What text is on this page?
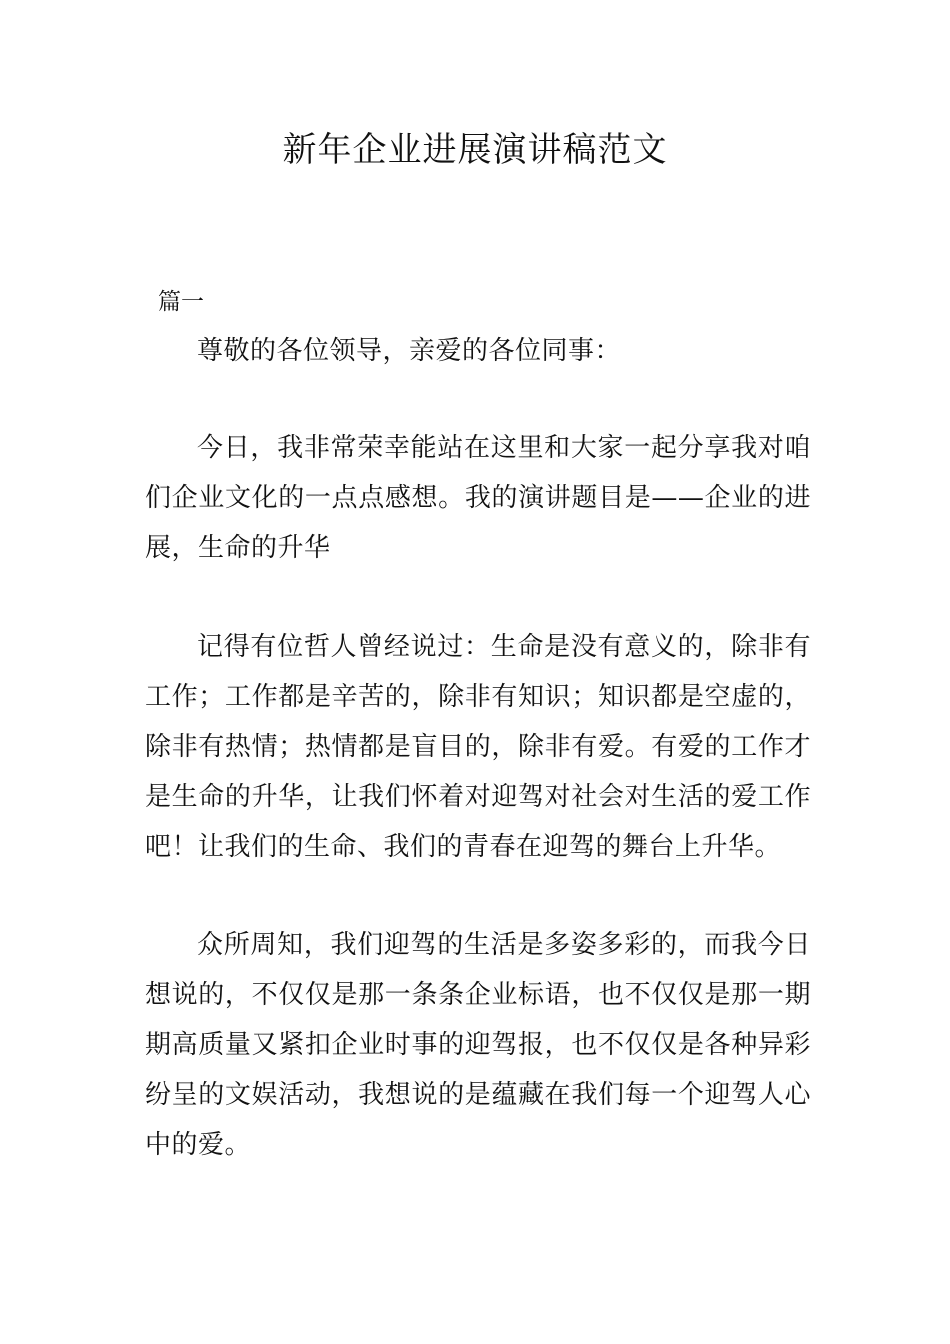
新年企业进展演讲稿范文

篇一

尊敬的各位领导，亲爱的各位同事：

今日，我非常荣幸能站在这里和大家一起分享我对咱们企业文化的一点点感想。我的演讲题目是——企业的进展，生命的升华

记得有位哲人曾经说过：生命是没有意义的，除非有工作；工作都是辛苦的，除非有知识；知识都是空虚的，除非有热情；热情都是盲目的，除非有爱。有爱的工作才是生命的升华，让我们怀着对迎驾对社会对生活的爱工作吧！让我们的生命、我们的青春在迎驾的舞台上升华。

众所周知，我们迎驾的生活是多姿多彩的，而我今日想说的，不仅仅是那一条条企业标语，也不仅仅是那一期期高质量又紧扣企业时事的迎驾报，也不仅仅是各种异彩纷呈的文娱活动，我想说的是蕴藏在我们每一个迎驾人心中的爱。
